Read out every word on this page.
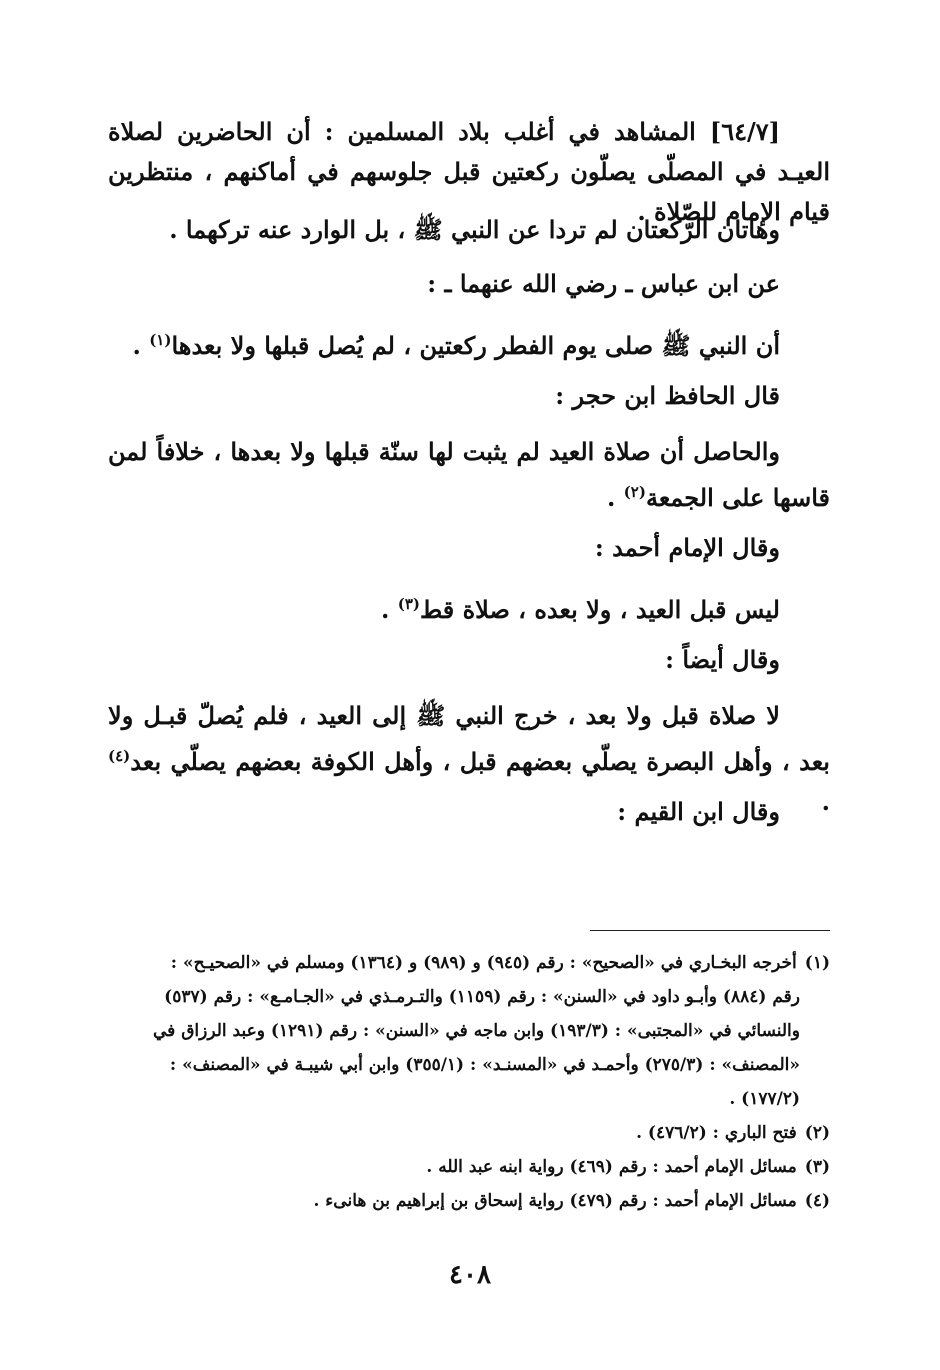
[٦٤/٧] المشاهد في أغلب بلاد المسلمين : أن الحاضرين لصلاة العيـد في المصلّى يصلّون ركعتين قبل جلوسهم في أماكنهم ، منتظرين قيام الإمام للصّلاة .

وهاتان الرّكعتان لم تردا عن النبي ﷺ ، بل الوارد عنه تركهما .

عن ابن عباس ـ رضي الله عنهما ـ :

أن النبي ﷺ صلى يوم الفطر ركعتين ، لم يُصل قبلها ولا بعدها$^{(١)}$ .

قال الحافظ ابن حجر :

والحاصل أن صلاة العيد لم يثبت لها سنّة قبلها ولا بعدها ، خلافاً لمن قاسها على الجمعة$^{(٢)}$ .

وقال الإمام أحمد :

ليس قبل العيد ، ولا بعده ، صلاة قط$^{(٣)}$ .

وقال أيضاً :

لا صلاة قبل ولا بعد ، خرج النبي ﷺ إلى العيد ، فلم يُصلّ قبـل ولا بعد ، وأهل البصرة يصلّي بعضهم قبل ، وأهل الكوفة بعضهم يصلّي بعد$^{(٤)}$ .

وقال ابن القيم :

(١)أخرجه البخـاري في «الصحيح» : رقم (٩٤٥) و (٩٨٩) و (١٣٦٤) ومسلم في «الصحيـح» :
رقم (٨٨٤) وأبـو داود في «السنن» : رقم (١١٥٩) والتـرمـذي في «الجـامـع» : رقم (٥٣٧)
والنسائي في «المجتبى» : (١٩٣/٣) وابن ماجه في «السنن» : رقم (١٢٩١) وعبد الرزاق في
«المصنف» : (٢٧٥/٣) وأحمـد في «المسنـد» : (٣٥٥/١) وابن أبي شيبـة في «المصنف» :
(١٧٧/٢) .
(٢)فتح الباري : (٤٧٦/٢) .
(٣)مسائل الإمام أحمد : رقم (٤٦٩) رواية ابنه عبد الله .
(٤)مسائل الإمام أحمد : رقم (٤٧٩) رواية إسحاق بن إبراهيم بن هانىء .
٤٠٨
